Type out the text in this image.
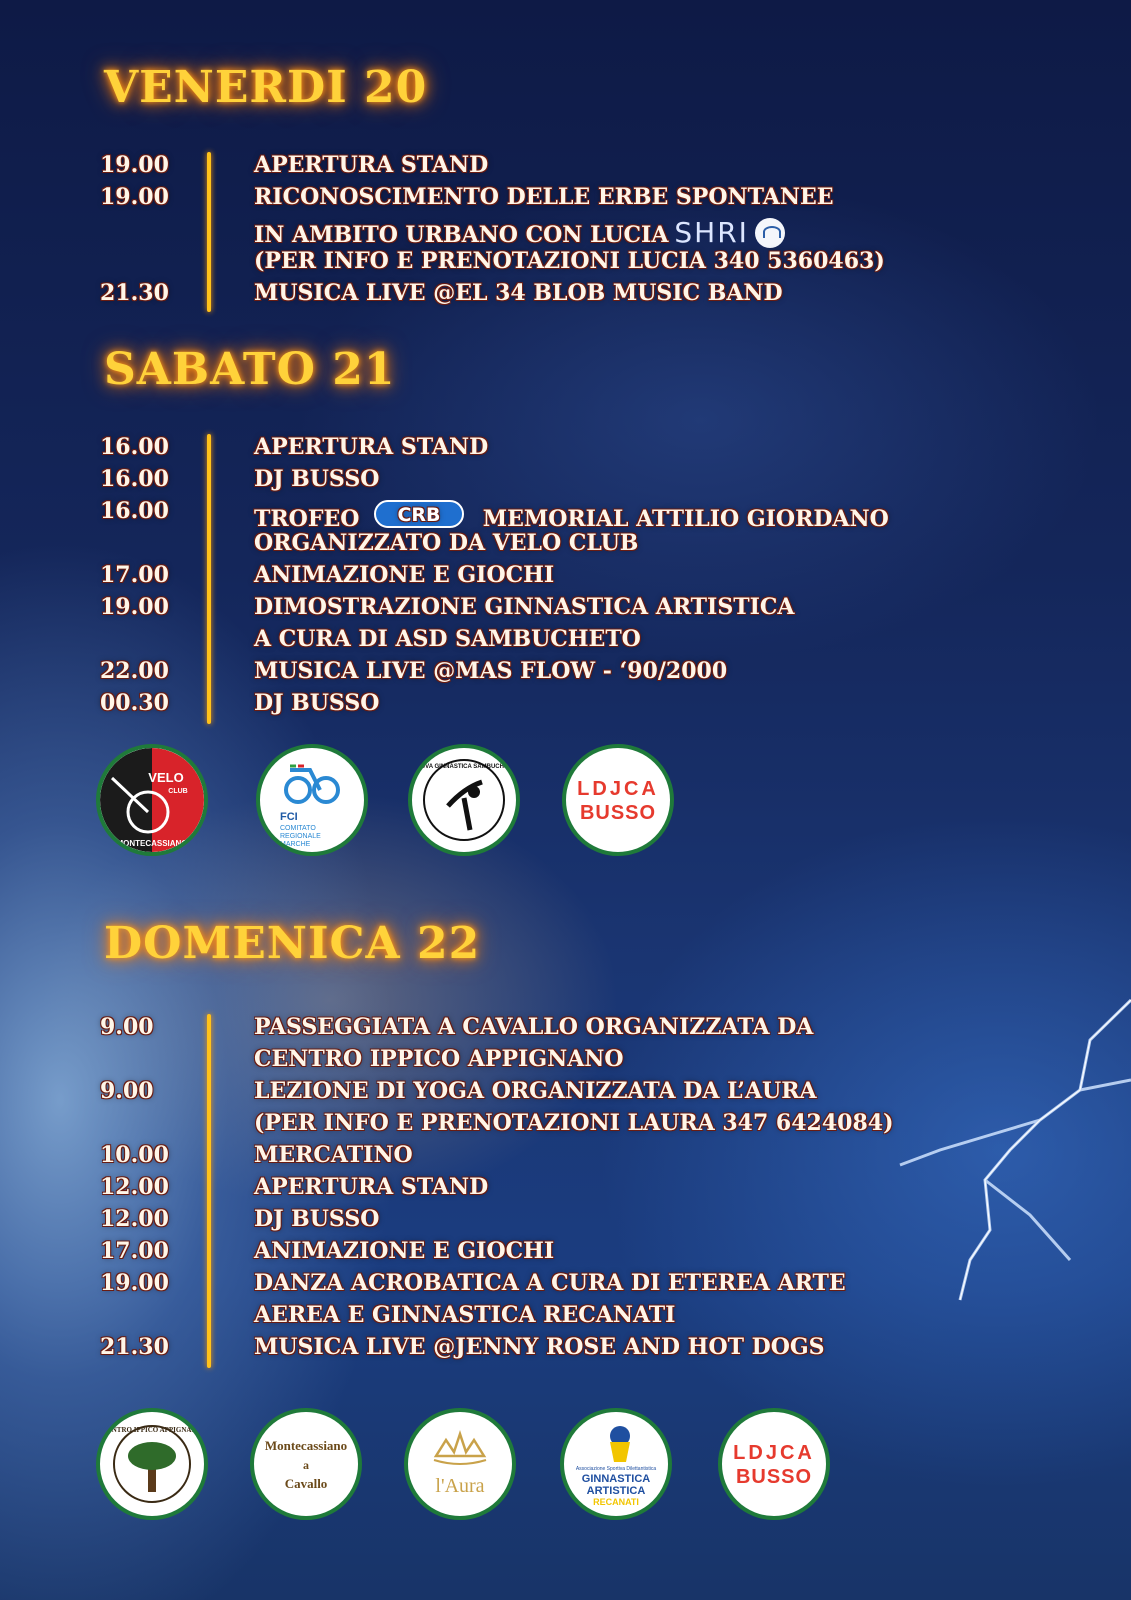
VENERDI 20
19.00	APERTURA STAND
19.00	RICONOSCIMENTO DELLE ERBE SPONTANEE
IN AMBITO URBANO CON LUCIA SHRI
(PER INFO E PRENOTAZIONI LUCIA 340 5360463)
21.30	MUSICA LIVE @EL 34 BLOB MUSIC BAND
SABATO 21
16.00	APERTURA STAND
16.00	DJ BUSSO
16.00	TROFEO CRB MEMORIAL ATTILIO GIORDANO
ORGANIZZATO DA VELO CLUB
17.00	ANIMAZIONE E GIOCHI
19.00	DIMOSTRAZIONE GINNASTICA ARTISTICA
A CURA DI ASD SAMBUCHETO
22.00	MUSICA LIVE @MAS FLOW - ‘90/2000
00.30	DJ BUSSO
VELO
CLUB
MONTECASSIANO
FCI
COMITATO
REGIONALE
MARCHE
NUOVA GINNASTICA SAMBUCHETO
LDJCA
BUSSO
DOMENICA 22
9.00	PASSEGGIATA A CAVALLO ORGANIZZATA DA
CENTRO IPPICO APPIGNANO
9.00	LEZIONE DI YOGA ORGANIZZATA DA L’AURA
(PER INFO E PRENOTAZIONI LAURA 347 6424084)
10.00	MERCATINO
12.00	APERTURA STAND
12.00	DJ BUSSO
17.00	ANIMAZIONE E GIOCHI
19.00	DANZA ACROBATICA A CURA DI ETEREA ARTE
AEREA E GINNASTICA RECANATI
21.30	MUSICA LIVE @JENNY ROSE AND HOT DOGS
CENTRO IPPICO APPIGNANO
Montecassiano
a
Cavallo	l'Aura
Associazione Sportiva Dilettantistica
GINNASTICA
ARTISTICA
RECANATI
LDJCA
BUSSO
